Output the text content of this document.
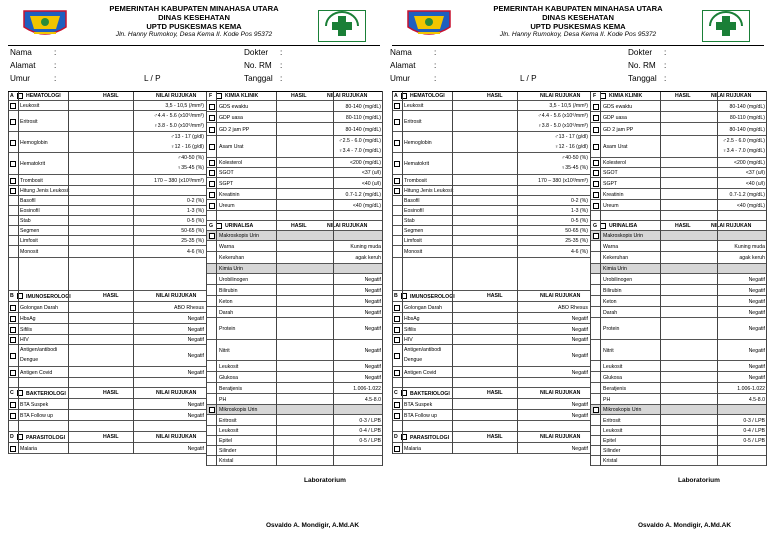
PEMERINTAH KABUPATEN MINAHASA UTARA
DINAS KESEHATAN
UPTD PUSKESMAS KEMA
Jln. Hanny Rumokoy, Desa Kema II. Kode Pos 95372
Nama	:
Alamat :
Umur	:	L / P
Dokter :
No. RM :
Tanggal :
A HEMATOLOGI	HASIL	NILAI RUJUKAN
Leukosit	3,5 - 10,5 (/mm³)
Eritrosit
♂4.4 - 5.6 (x10⁶/mm³)
♀3.8 - 5.0 (x10⁶/mm³)
Hemoglobin
♂13 - 17 (g/dl)
♀12 - 16 (g/dl)
Hematokrit
♂40-50 (%)
♀35-45 (%)
Trombosit	170 – 380 (x10³/mm³)
Hitung Jenis Leukosit
Basofil	0-2 (%)
Eosinofil	1-3 (%)
Stab	0-5 (%)
Segmen	50-65 (%)
Limfosit	25-35 (%)
Monosit	4-6 (%)
B IMUNOSEROLOGI	HASIL	NILAI RUJUKAN
Golongan Darah	ABO Rhesus
HbsAg	Negatif
Sifilis	Negatif
HIV	Negatif
Antigen/antibodi
Dengue
Negatif
Antigen Covid	Negatif
C BAKTERIOLOGI	HASIL	NILAI RUJUKAN
BTA Suspek	Negatif
BTA Follow up	Negatif
D PARASITOLOGI	HASIL	NILAI RUJUKAN
Malaria	Negatif
F KIMIA KLINIK	HASIL	NILAI RUJUKAN
GDS ewaktu	80-140 (mg/dL)
GDP uasa	80-110 (mg/dL)
GD 2 jam PP	80-140 (mg/dL)
Asam Urat
♂2.5 - 6.0 (mg/dL)
♀3.4 - 7.0 (mg/dL)
Kolesterol	<200 (mg/dL)
SGOT	<37 (u/l)
SGPT	<40 (u/l)
Kreatinin	0.7-1.2 (mg/dL)
Ureum	<40 (mg/dL)
G URINALISA	HASIL	NILAI RUJUKAN
Makroskopis Urin
Warna	Kuning muda
Kekeruhan	agak keruh
Kimia Urin
Urobilinogen	Negatif
Bilirubin	Negatif
Keton	Negatif
Darah	Negatif
Protein	Negatif
Nitrit	Negatif
Leukosit	Negatif
Glukosa	Negatif
Beratjenis	1.006-1.022
PH	4.5-8.0
Mikroskopis Urin
Eritrosit	0-3 / LPB
Leukosit	0-4 / LPB
Epitel	0-5 / LPB
Silinder
Kristal
Laboratorium
Osvaldo A. Mondigir, A.Md.AK
PEMERINTAH KABUPATEN MINAHASA UTARA
DINAS KESEHATAN
UPTD PUSKESMAS KEMA
Jln. Hanny Rumokoy, Desa Kema II. Kode Pos 95372
Nama	:
Alamat :
Umur	:	L / P
Dokter :
No. RM :
Tanggal :
A HEMATOLOGI	HASIL	NILAI RUJUKAN
Leukosit	3,5 - 10,5 (/mm³)
Eritrosit
♂4.4 - 5.6 (x10⁶/mm³)
♀3.8 - 5.0 (x10⁶/mm³)
Hemoglobin
♂13 - 17 (g/dl)
♀12 - 16 (g/dl)
Hematokrit
♂40-50 (%)
♀35-45 (%)
Trombosit	170 – 380 (x10³/mm³)
Hitung Jenis Leukosit
Basofil	0-2 (%)
Eosinofil	1-3 (%)
Stab	0-5 (%)
Segmen	50-65 (%)
Limfosit	25-35 (%)
Monosit	4-6 (%)
B IMUNOSEROLOGI	HASIL	NILAI RUJUKAN
Golongan Darah	ABO Rhesus
HbsAg	Negatif
Sifilis	Negatif
HIV	Negatif
Antigen/antibodi
Dengue
Negatif
Antigen Covid	Negatif
C BAKTERIOLOGI	HASIL	NILAI RUJUKAN
BTA Suspek	Negatif
BTA Follow up	Negatif
D PARASITOLOGI	HASIL	NILAI RUJUKAN
Malaria	Negatif
F KIMIA KLINIK	HASIL	NILAI RUJUKAN
GDS ewaktu	80-140 (mg/dL)
GDP uasa	80-110 (mg/dL)
GD 2 jam PP	80-140 (mg/dL)
Asam Urat
♂2.5 - 6.0 (mg/dL)
♀3.4 - 7.0 (mg/dL)
Kolesterol	<200 (mg/dL)
SGOT	<37 (u/l)
SGPT	<40 (u/l)
Kreatinin	0.7-1.2 (mg/dL)
Ureum	<40 (mg/dL)
G URINALISA	HASIL	NILAI RUJUKAN
Makroskopis Urin
Warna	Kuning muda
Kekeruhan	agak keruh
Kimia Urin
Urobilinogen	Negatif
Bilirubin	Negatif
Keton	Negatif
Darah	Negatif
Protein	Negatif
Nitrit	Negatif
Leukosit	Negatif
Glukosa	Negatif
Beratjenis	1.006-1.022
PH	4.5-8.0
Mikroskopis Urin
Eritrosit	0-3 / LPB
Leukosit	0-4 / LPB
Epitel	0-5 / LPB
Silinder
Kristal
Laboratorium
Osvaldo A. Mondigir, A.Md.AK
